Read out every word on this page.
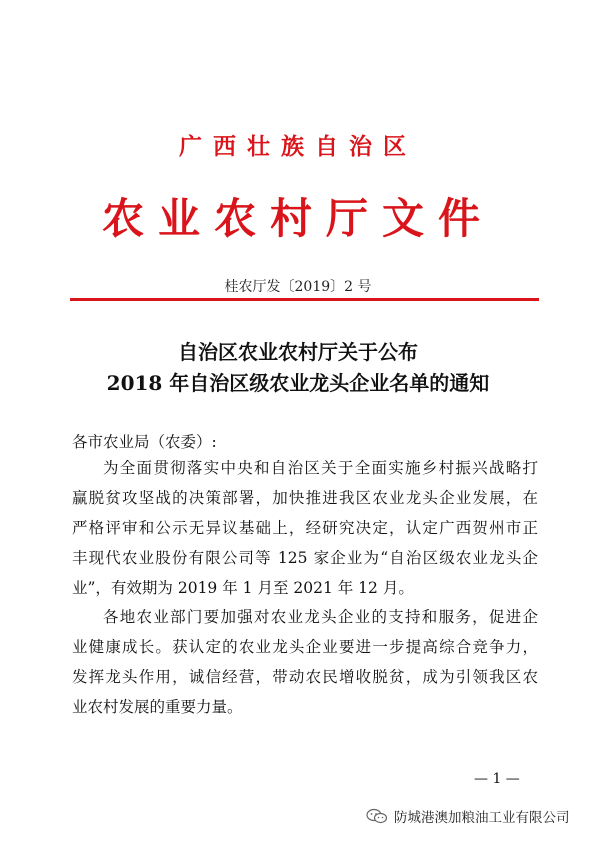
广西壮族自治区
农业农村厅文件
桂农厅发〔2019〕2 号
自治区农业农村厅关于公布
2018 年自治区级农业龙头企业名单的通知
各市农业局（农委）:
为全面贯彻落实中央和自治区关于全面实施乡村振兴战略打
赢脱贫攻坚战的决策部署，加快推进我区农业龙头企业发展，在
严格评审和公示无异议基础上，经研究决定，认定广西贺州市正
丰现代农业股份有限公司等 125 家企业为“自治区级农业龙头企
业”，有效期为 2019 年 1 月至 2021 年 12 月。
各地农业部门要加强对农业龙头企业的支持和服务，促进企
业健康成长。获认定的农业龙头企业要进一步提高综合竞争力，
发挥龙头作用，诚信经营，带动农民增收脱贫，成为引领我区农
业农村发展的重要力量。
— 1 —
防城港澳加粮油工业有限公司
